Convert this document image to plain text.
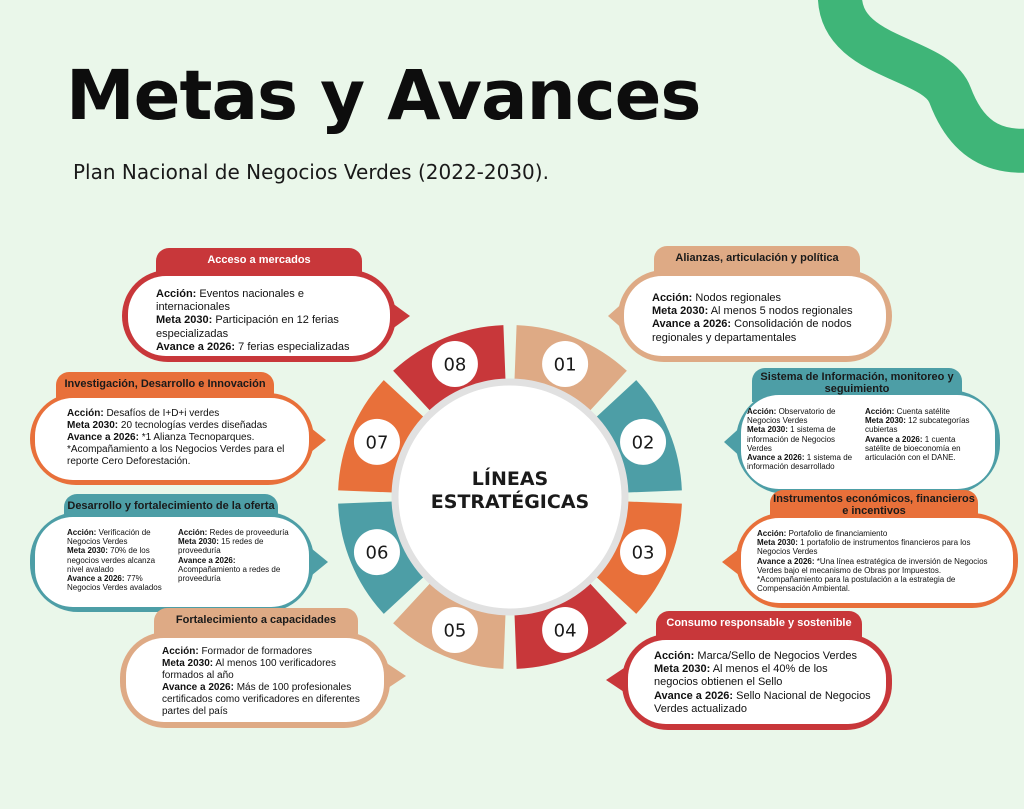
01
02
03
04
05
06
07
08
LÍNEAS
ESTRATÉGICAS
Metas y Avances
Plan Nacional de Negocios Verdes (2022-2030).
Alianzas, articulación y política

Acción: Nodos regionales

Meta 2030: Al menos 5 nodos regionales

Avance a 2026: Consolidación de nodos regionales y departamentales

Sistema de Información, monitoreo y seguimiento

Acción: Observatorio de Negocios Verdes

Meta 2030: 1 sistema de información de Negocios Verdes

Avance a 2026: 1 sistema de información desarrollado

Acción: Cuenta satélite

Meta 2030: 12 subcategorías cubiertas

Avance a 2026: 1 cuenta satélite de bioeconomía en articulación con el DANE.

Instrumentos económicos, financieros e incentivos

Acción: Portafolio de financiamiento

Meta 2030: 1 portafolio de instrumentos financieros para los Negocios Verdes

Avance a 2026: *Una línea estratégica de inversión de Negocios Verdes bajo el mecanismo de Obras por Impuestos.

*Acompañamiento para la postulación a la estrategia de Compensación Ambiental.

Consumo responsable y sostenible

Acción: Marca/Sello de Negocios Verdes

Meta 2030: Al menos el 40% de los negocios obtienen el Sello

Avance a 2026: Sello Nacional de Negocios Verdes actualizado

Fortalecimiento a capacidades

Acción: Formador de formadores

Meta 2030: Al menos 100 verificadores formados al año

Avance a 2026: Más de 100 profesionales certificados como verificadores en diferentes partes del país

Desarrollo y fortalecimiento de la oferta

Acción: Verificación de Negocios Verdes

Meta 2030: 70% de los negocios verdes alcanza nivel avalado

Avance a 2026: 77% Negocios Verdes avalados

Acción: Redes de proveeduría

Meta 2030: 15 redes de proveeduría

Avance a 2026: Acompañamiento a redes de proveeduría

Investigación, Desarrollo e Innovación

Acción: Desafíos de I+D+i verdes

Meta 2030: 20 tecnologías verdes diseñadas

Avance a 2026: *1 Alianza Tecnoparques.

*Acompañamiento a los Negocios Verdes para el reporte Cero Deforestación.

Acceso a mercados

Acción: Eventos nacionales e internacionales

Meta 2030: Participación en 12 ferias especializadas

Avance a 2026: 7 ferias especializadas
